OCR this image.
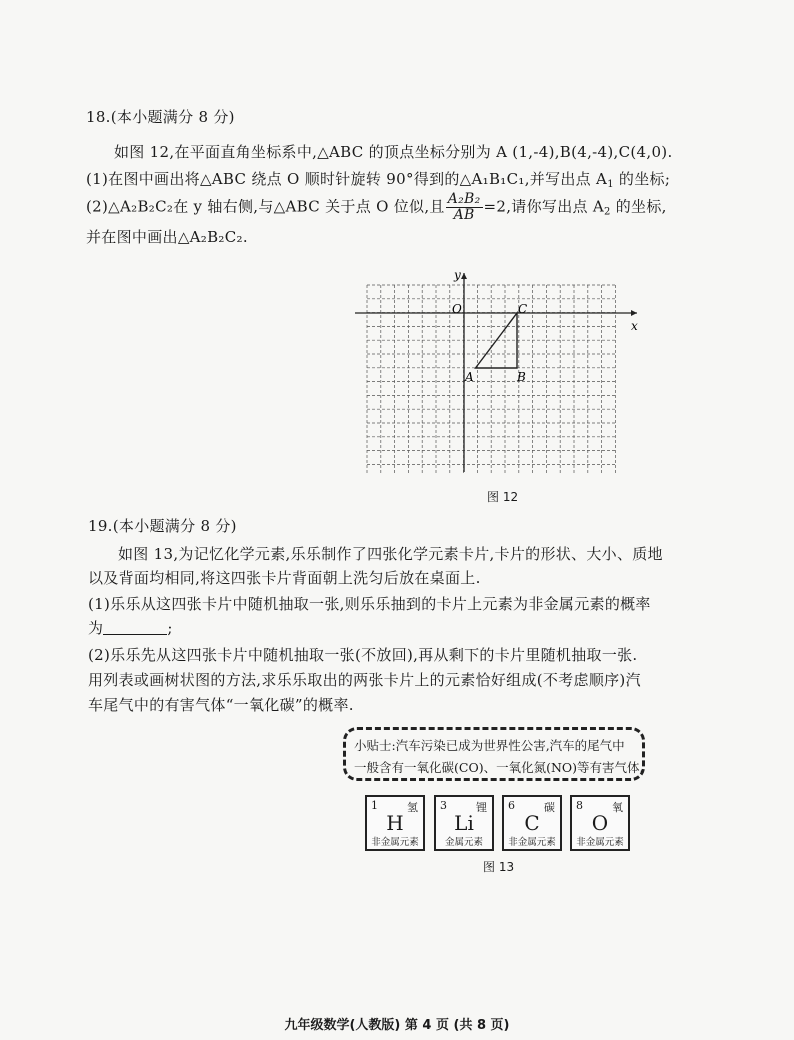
18.(本小题满分 8 分)
如图 12,在平面直角坐标系中,△ABC 的顶点坐标分别为 A (1,-4),B(4,-4),C(4,0).
(1)在图中画出将△ABC 绕点 O 顺时针旋转 90°得到的△A₁B₁C₁,并写出点 $A_1$ 的坐标;
(2)△A₂B₂C₂在 y 轴右侧,与△ABC 关于点 O 位似,且 $\frac{\text{A₂B₂}}{AB} =2$,请你写出点 $A_2$ 的坐标,
并在图中画出△A₂B₂C₂.
y
x
O
A	B
C
图 12
19.(本小题满分 8 分)
如图 13,为记忆化学元素,乐乐制作了四张化学元素卡片,卡片的形状、大小、质地
以及背面均相同,将这四张卡片背面朝上洗匀后放在桌面上.
(1)乐乐从这四张卡片中随机抽取一张,则乐乐抽到的卡片上元素为非金属元素的概率
为	;
(2)乐乐先从这四张卡片中随机抽取一张(不放回),再从剩下的卡片里随机抽取一张.
用列表或画树状图的方法,求乐乐取出的两张卡片上的元素恰好组成(不考虑顺序)汽
车尾气中的有害气体“一氧化碳”的概率.
小贴士:汽车污染已成为世界性公害,汽车的尾气中
一般含有一氧化碳(CO)、一氧化氮(NO)等有害气体.
1	氢
H
非金属元素
3	锂
Li
金属元素
6	碳
C
非金属元素
8	氧
O
非金属元素
图 13
九年级数学(人教版) 第 4 页 (共 8 页)
